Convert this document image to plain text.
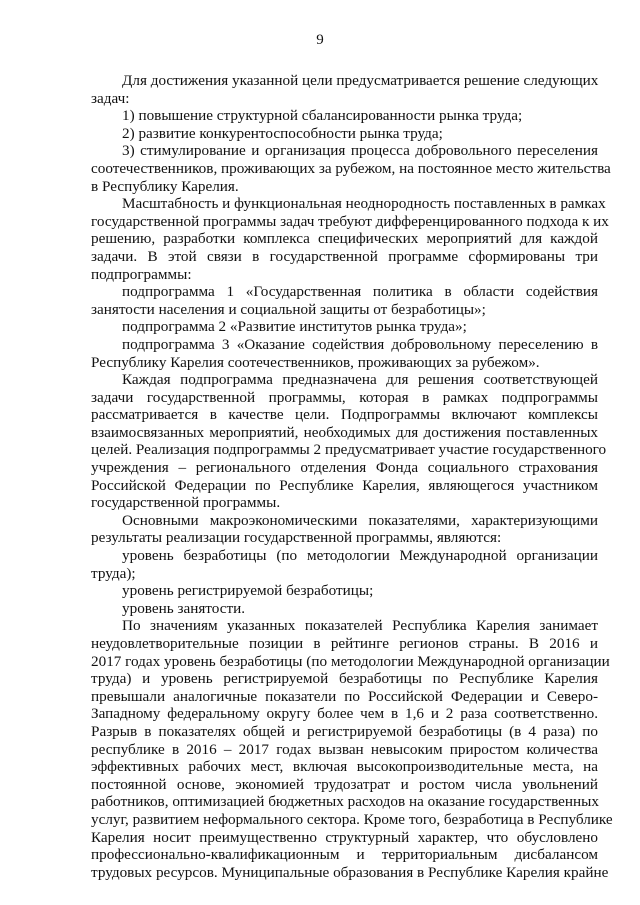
9
Для достижения указанной цели предусматривается решение следующих
задач:
1) повышение структурной сбалансированности рынка труда;
2) развитие конкурентоспособности рынка труда;
3) стимулирование и организация процесса добровольного переселения
соотечественников, проживающих за рубежом, на постоянное место жительства
в Республику Карелия.
Масштабность и функциональная неоднородность поставленных в рамках
государственной программы задач требуют дифференцированного подхода к их
решению, разработки комплекса специфических мероприятий для каждой
задачи. В этой связи в государственной программе сформированы три
подпрограммы:
подпрограмма 1 «Государственная политика в области содействия
занятости населения и социальной защиты от безработицы»;
подпрограмма 2 «Развитие институтов рынка труда»;
подпрограмма 3 «Оказание содействия добровольному переселению в
Республику Карелия соотечественников, проживающих за рубежом».
Каждая подпрограмма предназначена для решения соответствующей
задачи государственной программы, которая в рамках подпрограммы
рассматривается в качестве цели. Подпрограммы включают комплексы
взаимосвязанных мероприятий, необходимых для достижения поставленных
целей. Реализация подпрограммы 2 предусматривает участие государственного
учреждения – регионального отделения Фонда социального страхования
Российской Федерации по Республике Карелия, являющегося участником
государственной программы.
Основными макроэкономическими показателями, характеризующими
результаты реализации государственной программы, являются:
уровень безработицы (по методологии Международной организации
труда);
уровень регистрируемой безработицы;
уровень занятости.
По значениям указанных показателей Республика Карелия занимает
неудовлетворительные позиции в рейтинге регионов страны. В 2016 и
2017 годах уровень безработицы (по методологии Международной организации
труда) и уровень регистрируемой безработицы по Республике Карелия
превышали аналогичные показатели по Российской Федерации и Северо-
Западному федеральному округу более чем в 1,6 и 2 раза соответственно.
Разрыв в показателях общей и регистрируемой безработицы (в 4 раза) по
республике в 2016 – 2017 годах вызван невысоким приростом количества
эффективных рабочих мест, включая высокопроизводительные места, на
постоянной основе, экономией трудозатрат и ростом числа увольнений
работников, оптимизацией бюджетных расходов на оказание государственных
услуг, развитием неформального сектора. Кроме того, безработица в Республике
Карелия носит преимущественно структурный характер, что обусловлено
профессионально-квалификационным и территориальным дисбалансом
трудовых ресурсов. Муниципальные образования в Республике Карелия крайне
